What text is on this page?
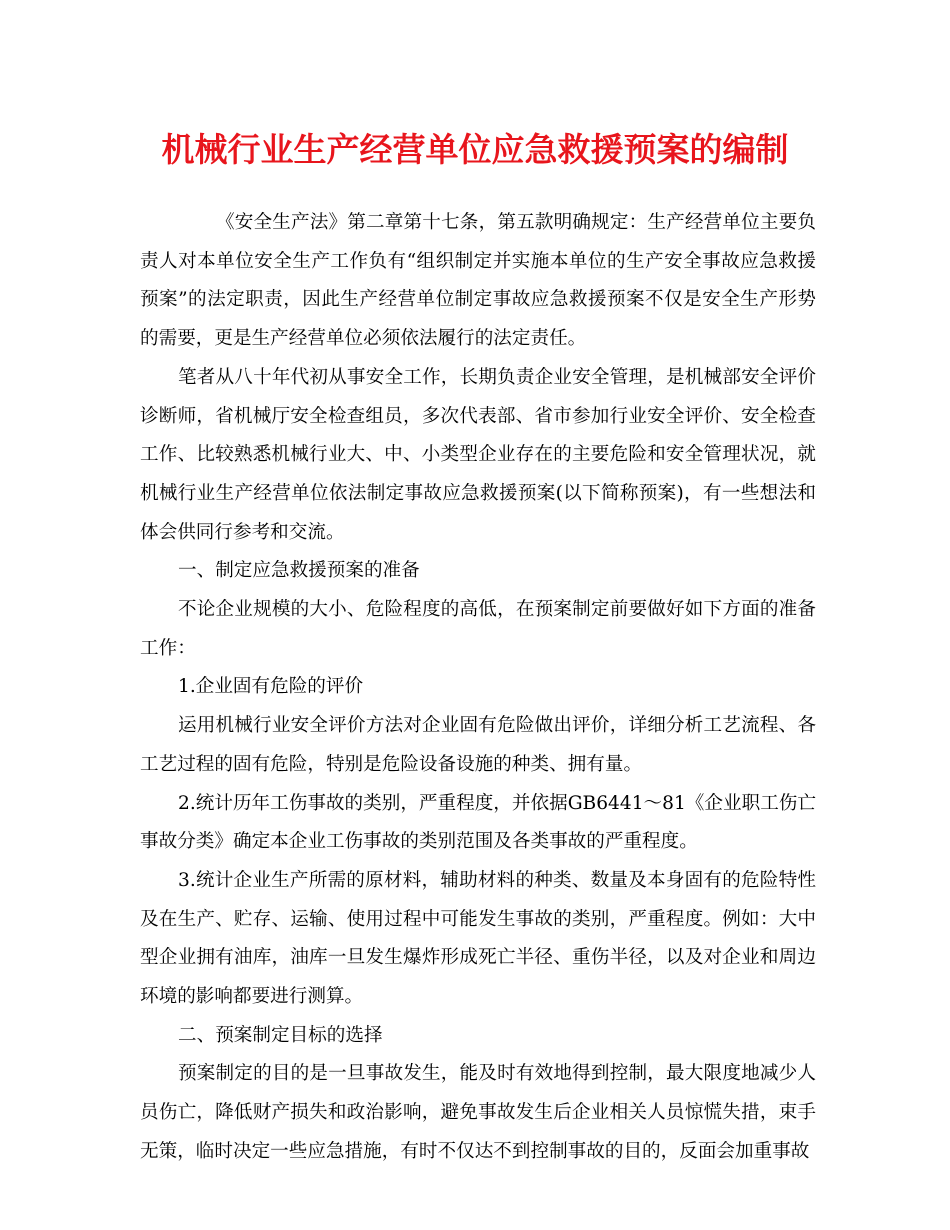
机械行业生产经营单位应急救援预案的编制

《安全生产法》第二章第十七条，第五款明确规定：生产经营单位主要负责人对本单位安全生产工作负有“组织制定并实施本单位的生产安全事故应急救援预案”的法定职责，因此生产经营单位制定事故应急救援预案不仅是安全生产形势的需要，更是生产经营单位必须依法履行的法定责任。

笔者从八十年代初从事安全工作，长期负责企业安全管理，是机械部安全评价诊断师，省机械厅安全检查组员，多次代表部、省市参加行业安全评价、安全检查工作、比较熟悉机械行业大、中、小类型企业存在的主要危险和安全管理状况，就机械行业生产经营单位依法制定事故应急救援预案(以下简称预案)，有一些想法和体会供同行参考和交流。

一、制定应急救援预案的准备

不论企业规模的大小、危险程度的高低，在预案制定前要做好如下方面的准备工作：

1.企业固有危险的评价

运用机械行业安全评价方法对企业固有危险做出评价，详细分析工艺流程、各工艺过程的固有危险，特别是危险设备设施的种类、拥有量。

2.统计历年工伤事故的类别，严重程度，并依据GB6441～81《企业职工伤亡事故分类》确定本企业工伤事故的类别范围及各类事故的严重程度。

3.统计企业生产所需的原材料，辅助材料的种类、数量及本身固有的危险特性及在生产、贮存、运输、使用过程中可能发生事故的类别，严重程度。例如：大中型企业拥有油库，油库一旦发生爆炸形成死亡半径、重伤半径，以及对企业和周边环境的影响都要进行测算。

二、预案制定目标的选择

预案制定的目的是一旦事故发生，能及时有效地得到控制，最大限度地减少人员伤亡，降低财产损失和政治影响，避免事故发生后企业相关人员惊慌失措，束手无策，临时决定一些应急措施，有时不仅达不到控制事故的目的，反面会加重事故
